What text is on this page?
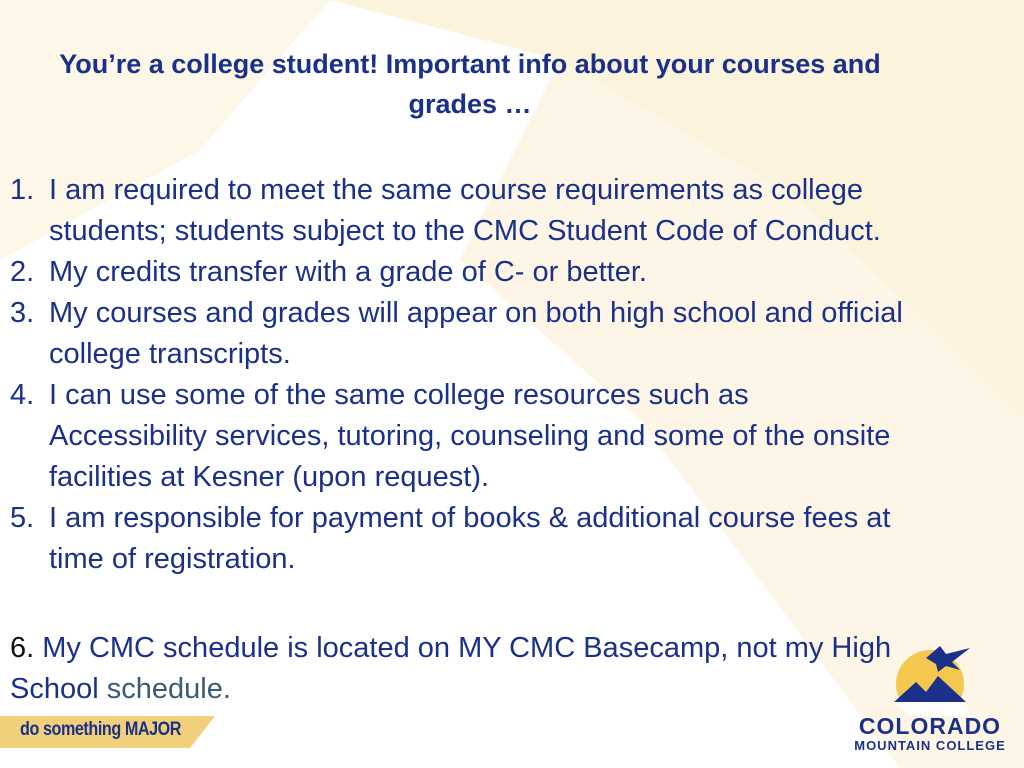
You’re a college student! Important info about your courses and grades …
1. I am required to meet the same course requirements as college students; students subject to the CMC Student Code of Conduct.
2. My credits transfer with a grade of C- or better.
3. My courses and grades will appear on both high school and official college transcripts.
4. I can use some of the same college resources such as Accessibility services, tutoring, counseling and some of the onsite facilities at Kesner (upon request).
5. I am responsible for payment of books & additional course fees at time of registration.
6. My CMC schedule is located on MY CMC Basecamp, not my High School schedule.
do something MAJOR	COLORADO
MOUNTAIN COLLEGE
